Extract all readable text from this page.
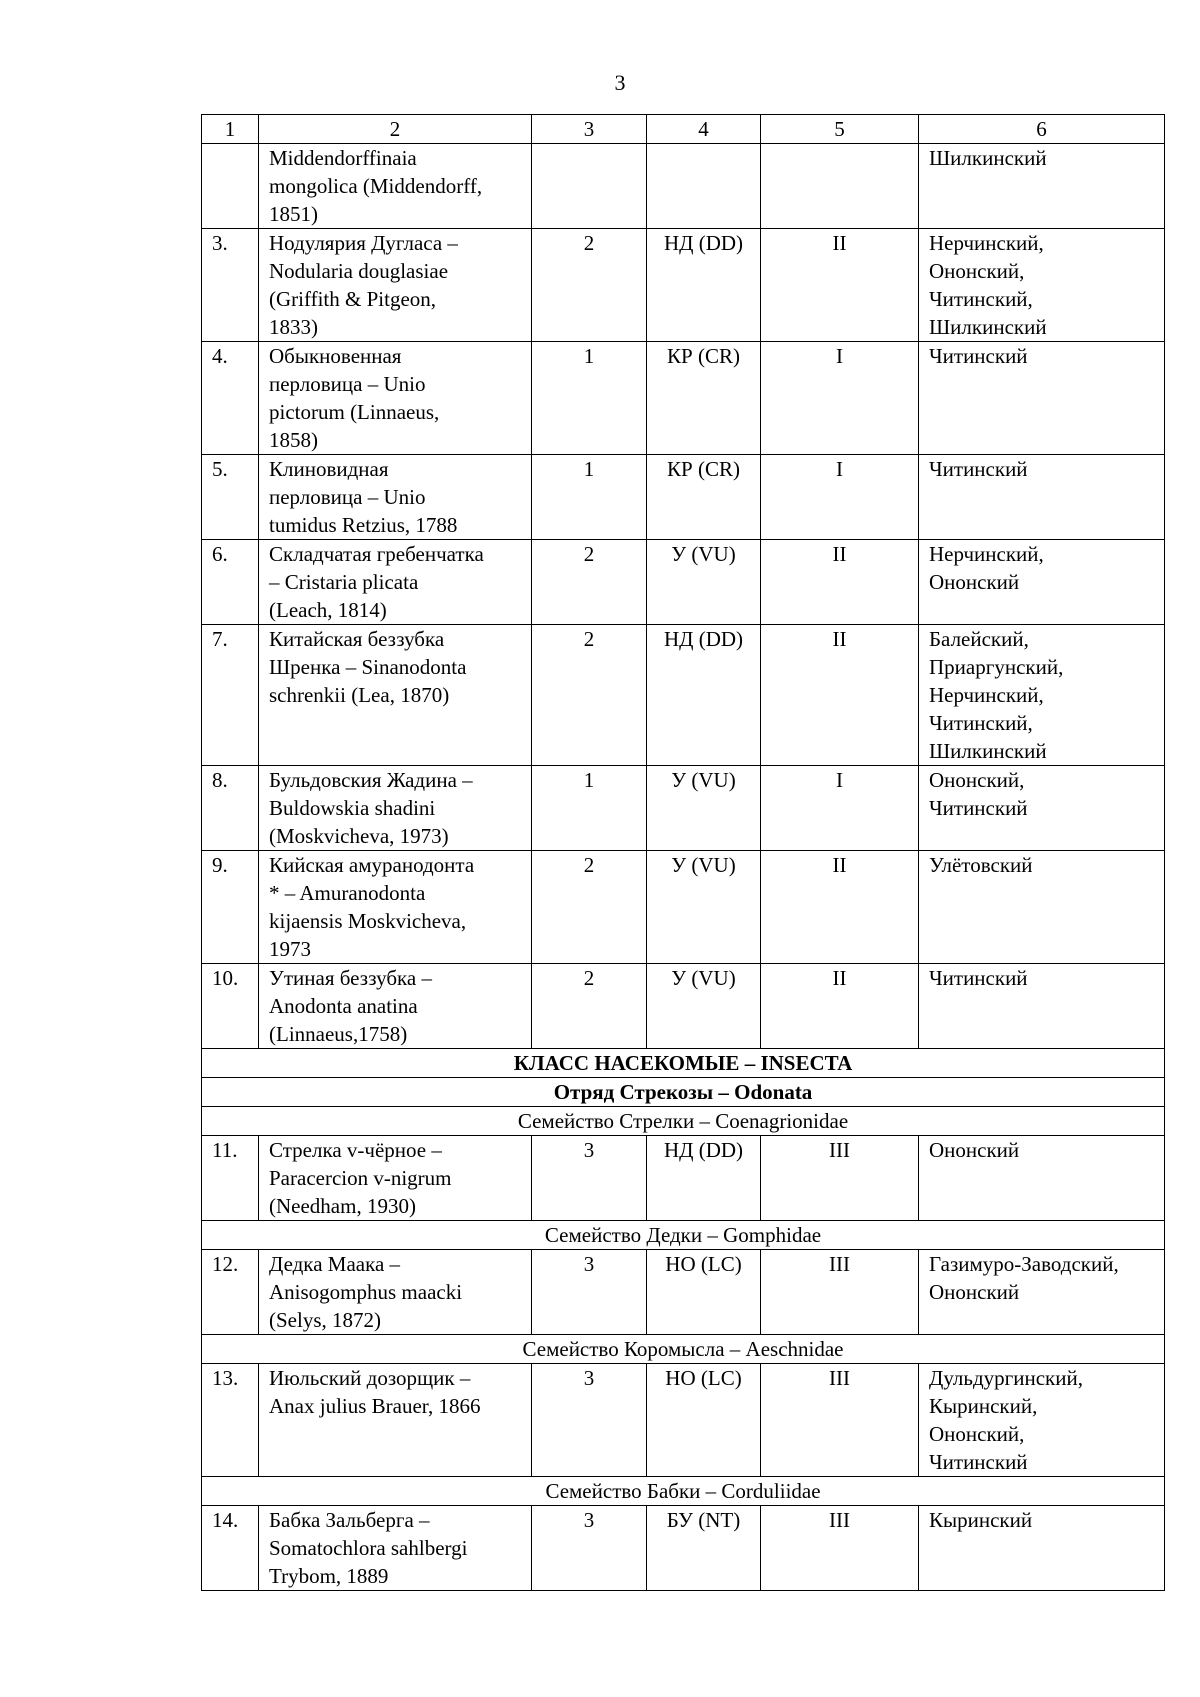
3
1	2	3	4	5	6

	Middendorffinaia
mongolica (Middendorff,
1851)				Шилкинский

3.	Нодулярия Дугласа –
Nodularia douglasiae
(Griffith & Pitgeon,
1833)	2	НД (DD)	II	Нерчинский,
Ононский,
Читинский,
Шилкинский

4.	Обыкновенная
перловица – Unio
pictorum (Linnaeus,
1858)	1	КР (CR)	I	Читинский

5.	Клиновидная
перловица – Unio
tumidus Retzius, 1788	1	КР (CR)	I	Читинский

6.	Складчатая гребенчатка
– Cristaria plicata
(Leach, 1814)	2	У (VU)	II	Нерчинский,
Ононский

7.	Китайская беззубка
Шренка – Sinanodonta
schrenkii (Lea, 1870)	2	НД (DD)	II	Балейский,
Приаргунский,
Нерчинский,
Читинский,
Шилкинский

8.	Бульдовския Жадина –
Buldowskia shadini
(Moskvicheva, 1973)	1	У (VU)	I	Ононский,
Читинский

9.	Кийская амуранодонта
* – Amuranodonta
kijaensis Moskvicheva,
1973	2	У (VU)	II	Улётовский

10.	Утиная беззубка –
Anodonta anatina
(Linnaeus,1758)	2	У (VU)	II	Читинский

КЛАСС НАСЕКОМЫЕ – INSECTA					
Отряд Стрекозы – Odonata					
Семейство Стрелки – Coenagrionidae					
11.	Стрелка v-чёрное –
Paracercion v-nigrum
(Needham, 1930)	3	НД (DD)	III	Ононский

Семейство Дедки – Gomphidae					
12.	Дедка Маака –
Anisogomphus maacki
(Selys, 1872)	3	НО (LC)	III	Газимуро-Заводский,
Ононский

Семейство Коромысла – Aeschnidae					
13.	Июльский дозорщик –
Anax julius Brauer, 1866	3	НО (LC)	III	Дульдургинский,
Кыринский,
Ононский,
Читинский

Семейство Бабки – Corduliidae					
14.	Бабка Зальберга –
Somatochlora sahlbergi
Trybom, 1889	3	БУ (NT)	III	Кыринский
